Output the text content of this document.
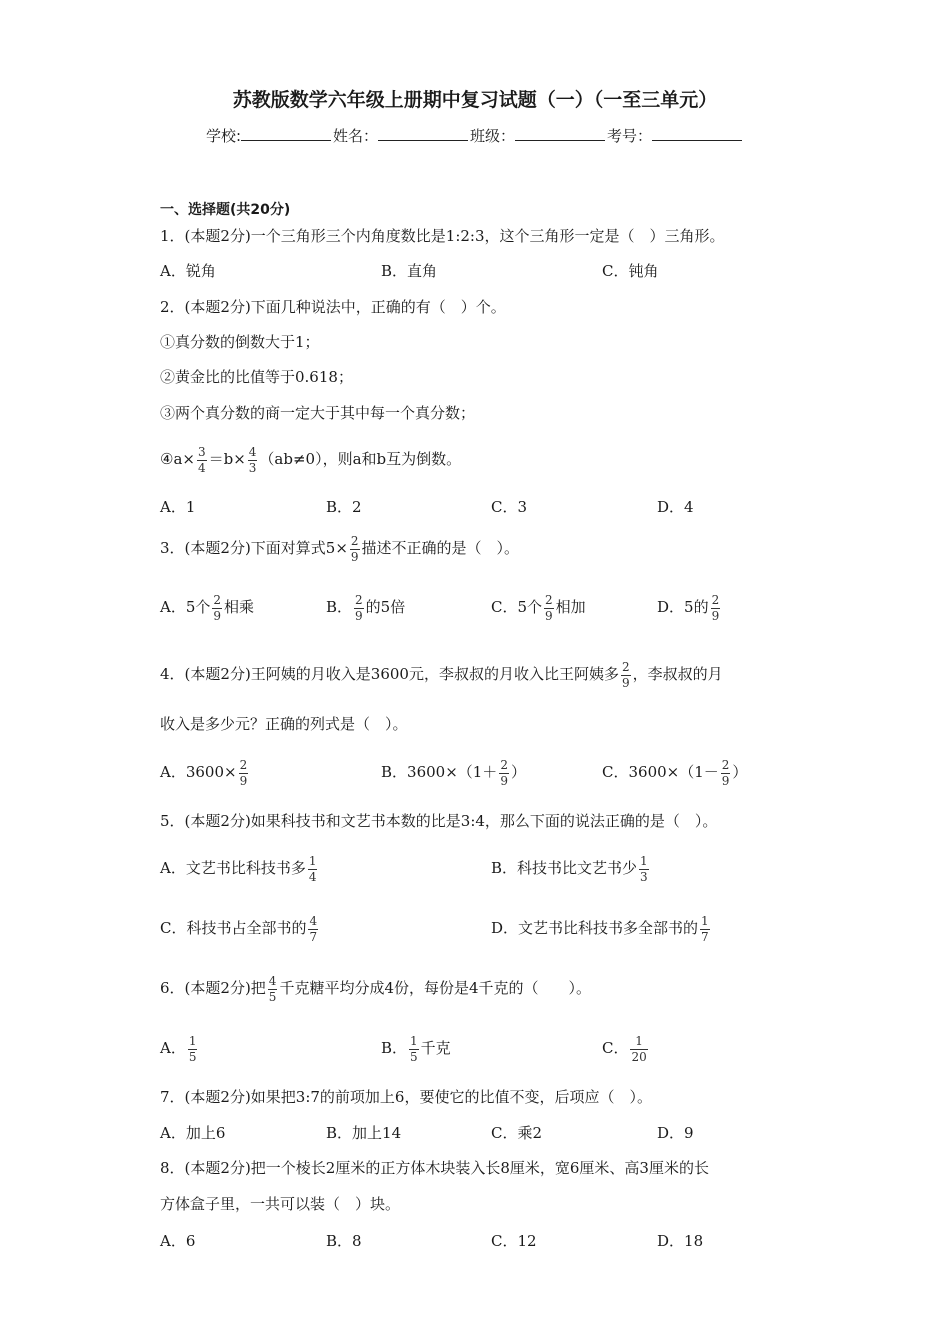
苏教版数学六年级上册期中复习试题（一）（一至三单元）
学校:	姓名：	班级：	考号：
一、选择题(共20分)
1．(本题2分)一个三角形三个内角度数比是1:2:3，这个三角形一定是（　）三角形。
A．锐角	B．直角	C．钝角
2．(本题2分)下面几种说法中，正确的有（　）个。
①真分数的倒数大于1；
②黄金比的比值等于0.618；
③两个真分数的商一定大于其中每一个真分数；
④a× $\frac{3}{4} =b\times \frac{4}{3} (ab\ne 0)$，则a和b互为倒数。
A．1	B．2	C．3	D．4
3．(本题2分)下面对算式$5\times \frac{2}{9}$ 描述不正确的是（　）。
A．5个 $\frac{2}{9}$ 相乘	B． $\frac{2}{9}$ 的5倍	C．5个 $\frac{2}{9}$ 相加	D．5的 $\frac{2}{9}$
4．(本题2分)王阿姨的月收入是3600元，李叔叔的月收入比王阿姨多 $\frac{2}{9}$ ，李叔叔的月
收入是多少元？正确的列式是（　）。
A．$3600\times \frac{2}{9}$	B．$3600\times(1+ \frac{2}{9}$ ）	C．$3600\times(1- \frac{2}{9}$ ）
5．(本题2分)如果科技书和文艺书本数的比是3:4，那么下面的说法正确的是（　）。
A．文艺书比科技书多 $\frac{1}{4}$	B．科技书比文艺书少 $\frac{1}{3}$
C．科技书占全部书的 $\frac{4}{7}$	D．文艺书比科技书多全部书的 $\frac{1}{7}$
6．(本题2分)把 $\frac{4}{5}$ 千克糖平均分成4份，每份是4千克的（　　）。
A． $\frac{1}{5}$	B． $\frac{1}{5}$ 千克	C． $\frac{1}{20}$
7．(本题2分)如果把3:7的前项加上6，要使它的比值不变，后项应（　）。
A．加上6	B．加上14	C．乘2	D．9
8．(本题2分)把一个棱长2厘米的正方体木块装入长8厘米，宽6厘米、高3厘米的长
方体盒子里，一共可以装（　）块。
A．6	B．8	C．12	D．18
